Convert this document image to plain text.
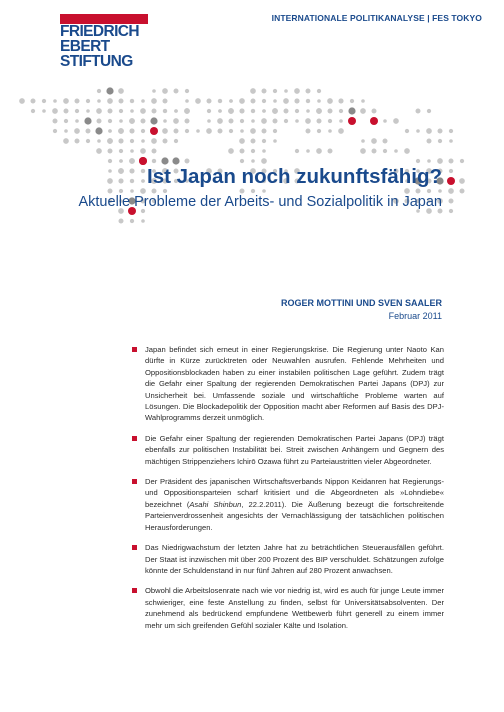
FRIEDRICH
EBERT
STIFTUNG
INTERNATIONALE POLITIKANALYSE | FES TOKYO
Ist Japan noch zukunftsfähig?
Aktuelle Probleme der Arbeits- und Sozialpolitik in Japan
ROGER MOTTINI UND SVEN SAALER
Februar 2011
Japan befindet sich erneut in einer Regierungskrise. Die Regierung unter Naoto Kan dürfte in Kürze zurücktreten oder Neuwahlen ausrufen. Fehlende Mehrheiten und Oppositionsblockaden haben zu einer instabilen politischen Lage geführt. Zudem trägt die Gefahr einer Spaltung der regierenden Demokratischen Partei Japans (DPJ) zur Unsicherheit bei. Umfassende soziale und wirtschaftliche Probleme warten auf Lösungen. Die Blockadepolitik der Opposition macht aber Reformen auf Basis des DPJ-Wahlprogramms derzeit unmöglich.
Die Gefahr einer Spaltung der regierenden Demokratischen Partei Japans (DPJ) trägt ebenfalls zur politischen Instabilität bei. Streit zwischen Anhängern und Gegnern des mächtigen Strippenziehers Ichirō Ozawa führt zu Parteiaustritten vieler Abgeordneter.
Der Präsident des japanischen Wirtschaftsverbands Nippon Keidanren hat Regierungs- und Oppositionsparteien scharf kritisiert und die Abgeordneten als »Lohndiebe« bezeichnet (Asahi Shinbun, 22.2.2011). Die Äußerung bezeugt die fortschreitende Parteienverdrossenheit angesichts der Vernachlässigung der tatsächlichen politischen Herausforderungen.
Das Niedrigwachstum der letzten Jahre hat zu beträchtlichen Steuerausfällen geführt. Der Staat ist inzwischen mit über 200 Prozent des BIP verschuldet. Schätzungen zufolge könnte der Schuldenstand in nur fünf Jahren auf 280 Prozent anwachsen.
Obwohl die Arbeitslosenrate nach wie vor niedrig ist, wird es auch für junge Leute immer schwieriger, eine feste Anstellung zu finden, selbst für Universitätsabsolventen. Der zunehmend als bedrückend empfundene Wettbewerb führt generell zu einem immer mehr um sich greifenden Gefühl sozialer Kälte und Isolation.
